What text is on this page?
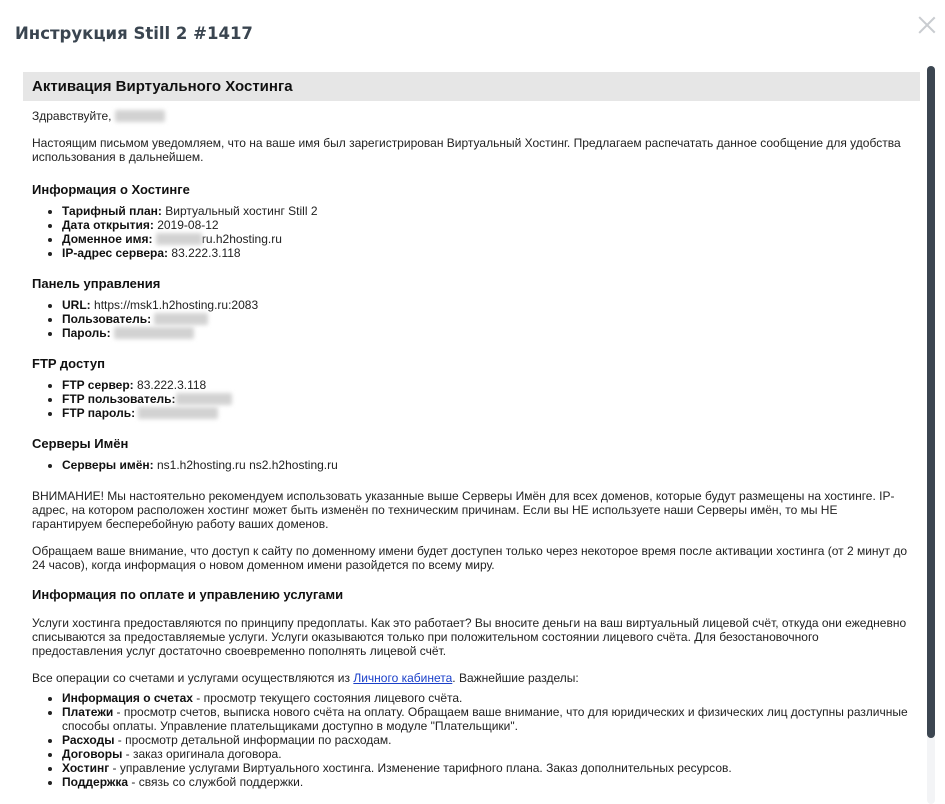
Инструкция Still 2 #1417
Активация Виртуального Хостинга

Здравствуйте,

Настоящим письмом уведомляем, что на ваше имя был зарегистрирован Виртуальный Хостинг. Предлагаем распечатать данное сообщение для удобства использования в дальнейшем.

Информация о Хостинге
• Тарифный план: Виртуальный хостинг Still 2
• Дата открытия: 2019-08-12
• Доменное имя:	ru.h2hosting.ru
• IP-адрес сервера: 83.222.3.118
Панель управления
• URL: https://msk1.h2hosting.ru:2083
• Пользователь:
• Пароль:
FTP доступ
• FTP сервер: 83.222.3.118
• FTP пользователь:
• FTP пароль:
Серверы Имён
• Серверы имён: ns1.h2hosting.ru ns2.h2hosting.ru

ВНИМАНИЕ! Мы настоятельно рекомендуем использовать указанные выше Серверы Имён для всех доменов, которые будут размещены на хостинге. IP-адрес, на котором расположен хостинг может быть изменён по техническим причинам. Если вы НЕ используете наши Серверы имён, то мы НЕ гарантируем бесперебойную работу ваших доменов.

Обращаем ваше внимание, что доступ к сайту по доменному имени будет доступен только через некоторое время после активации хостинга (от 2 минут до 24 часов), когда информация о новом доменном имени разойдется по всему миру.

Информация по оплате и управлению услугами

Услуги хостинга предоставляются по принципу предоплаты. Как это работает? Вы вносите деньги на ваш виртуальный лицевой счёт, откуда они ежедневно списываются за предоставляемые услуги. Услуги оказываются только при положительном состоянии лицевого счёта. Для безостановочного предоставления услуг достаточно своевременно пополнять лицевой счёт.

Все операции со счетами и услугами осуществляются из Личного кабинета. Важнейшие разделы:

• Информация о счетах - просмотр текущего состояния лицевого счёта.
• Платежи - просмотр счетов, выписка нового счёта на оплату. Обращаем ваше внимание, что для юридических и физических лиц доступны различные способы оплаты. Управление плательщиками доступно в модуле "Плательщики".
• Расходы - просмотр детальной информации по расходам.
• Договоры - заказ оригинала договора.
• Хостинг - управление услугами Виртуального хостинга. Изменение тарифного плана. Заказ дополнительных ресурсов.
• Поддержка - связь со службой поддержки.
